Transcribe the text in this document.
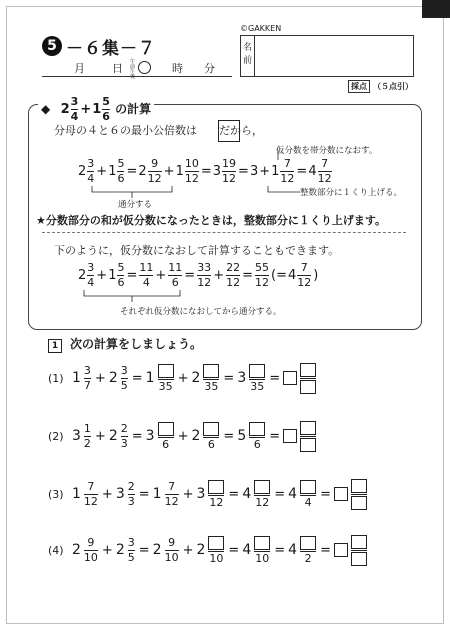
5 －６集－７
月 日 午前午後
時 分
©GAKKEN
名前
採点 （５点引）
◆ $2 \frac{3}{4} +1 \frac{5}{6}$ の計算
分母の４と６の最小公倍数は　　だから，
仮分数を帯分数になおす。
$2 \frac{3}{4} + 1 \frac{5}{6} = 2 \frac{9}{12} + 1 \frac{10}{12} = 3 \frac{19}{12} = 3 + 1 \frac{7}{12} = 4 \frac{7}{12}$
整数部分に１くり上げる。
通分する
★分数部分の和が仮分数になったときは，整数部分に１くり上げます。
下のように，仮分数になおして計算することもできます。
$2 \frac{3}{4} + 1 \frac{5}{6} = \frac{11}{4} + \frac{11}{6} = \frac{33}{12} + \frac{22}{12} = \frac{55}{12}$ (= $4 \frac{7}{12}$ )
それぞれ仮分数になおしてから通分する。
1 次の計算をしましょう。
(1) $1 \frac{3}{7} + 2 \frac{3}{5} = 1$ 35
+ 2 35
= 3 35
=
(2) $3 \frac{1}{2} + 2 \frac{2}{3} = 3$ 6
+ 2 6
= 5 6
=
(3) $1 \frac{7}{12} + 3 \frac{2}{3} = 1 \frac{7}{12} + 3$ 12
= 4 12
= 4 4
=
(4) $2 \frac{9}{10} + 2 \frac{3}{5} = 2 \frac{9}{10} + 2$ 10
= 4 10
= 4 2
=
